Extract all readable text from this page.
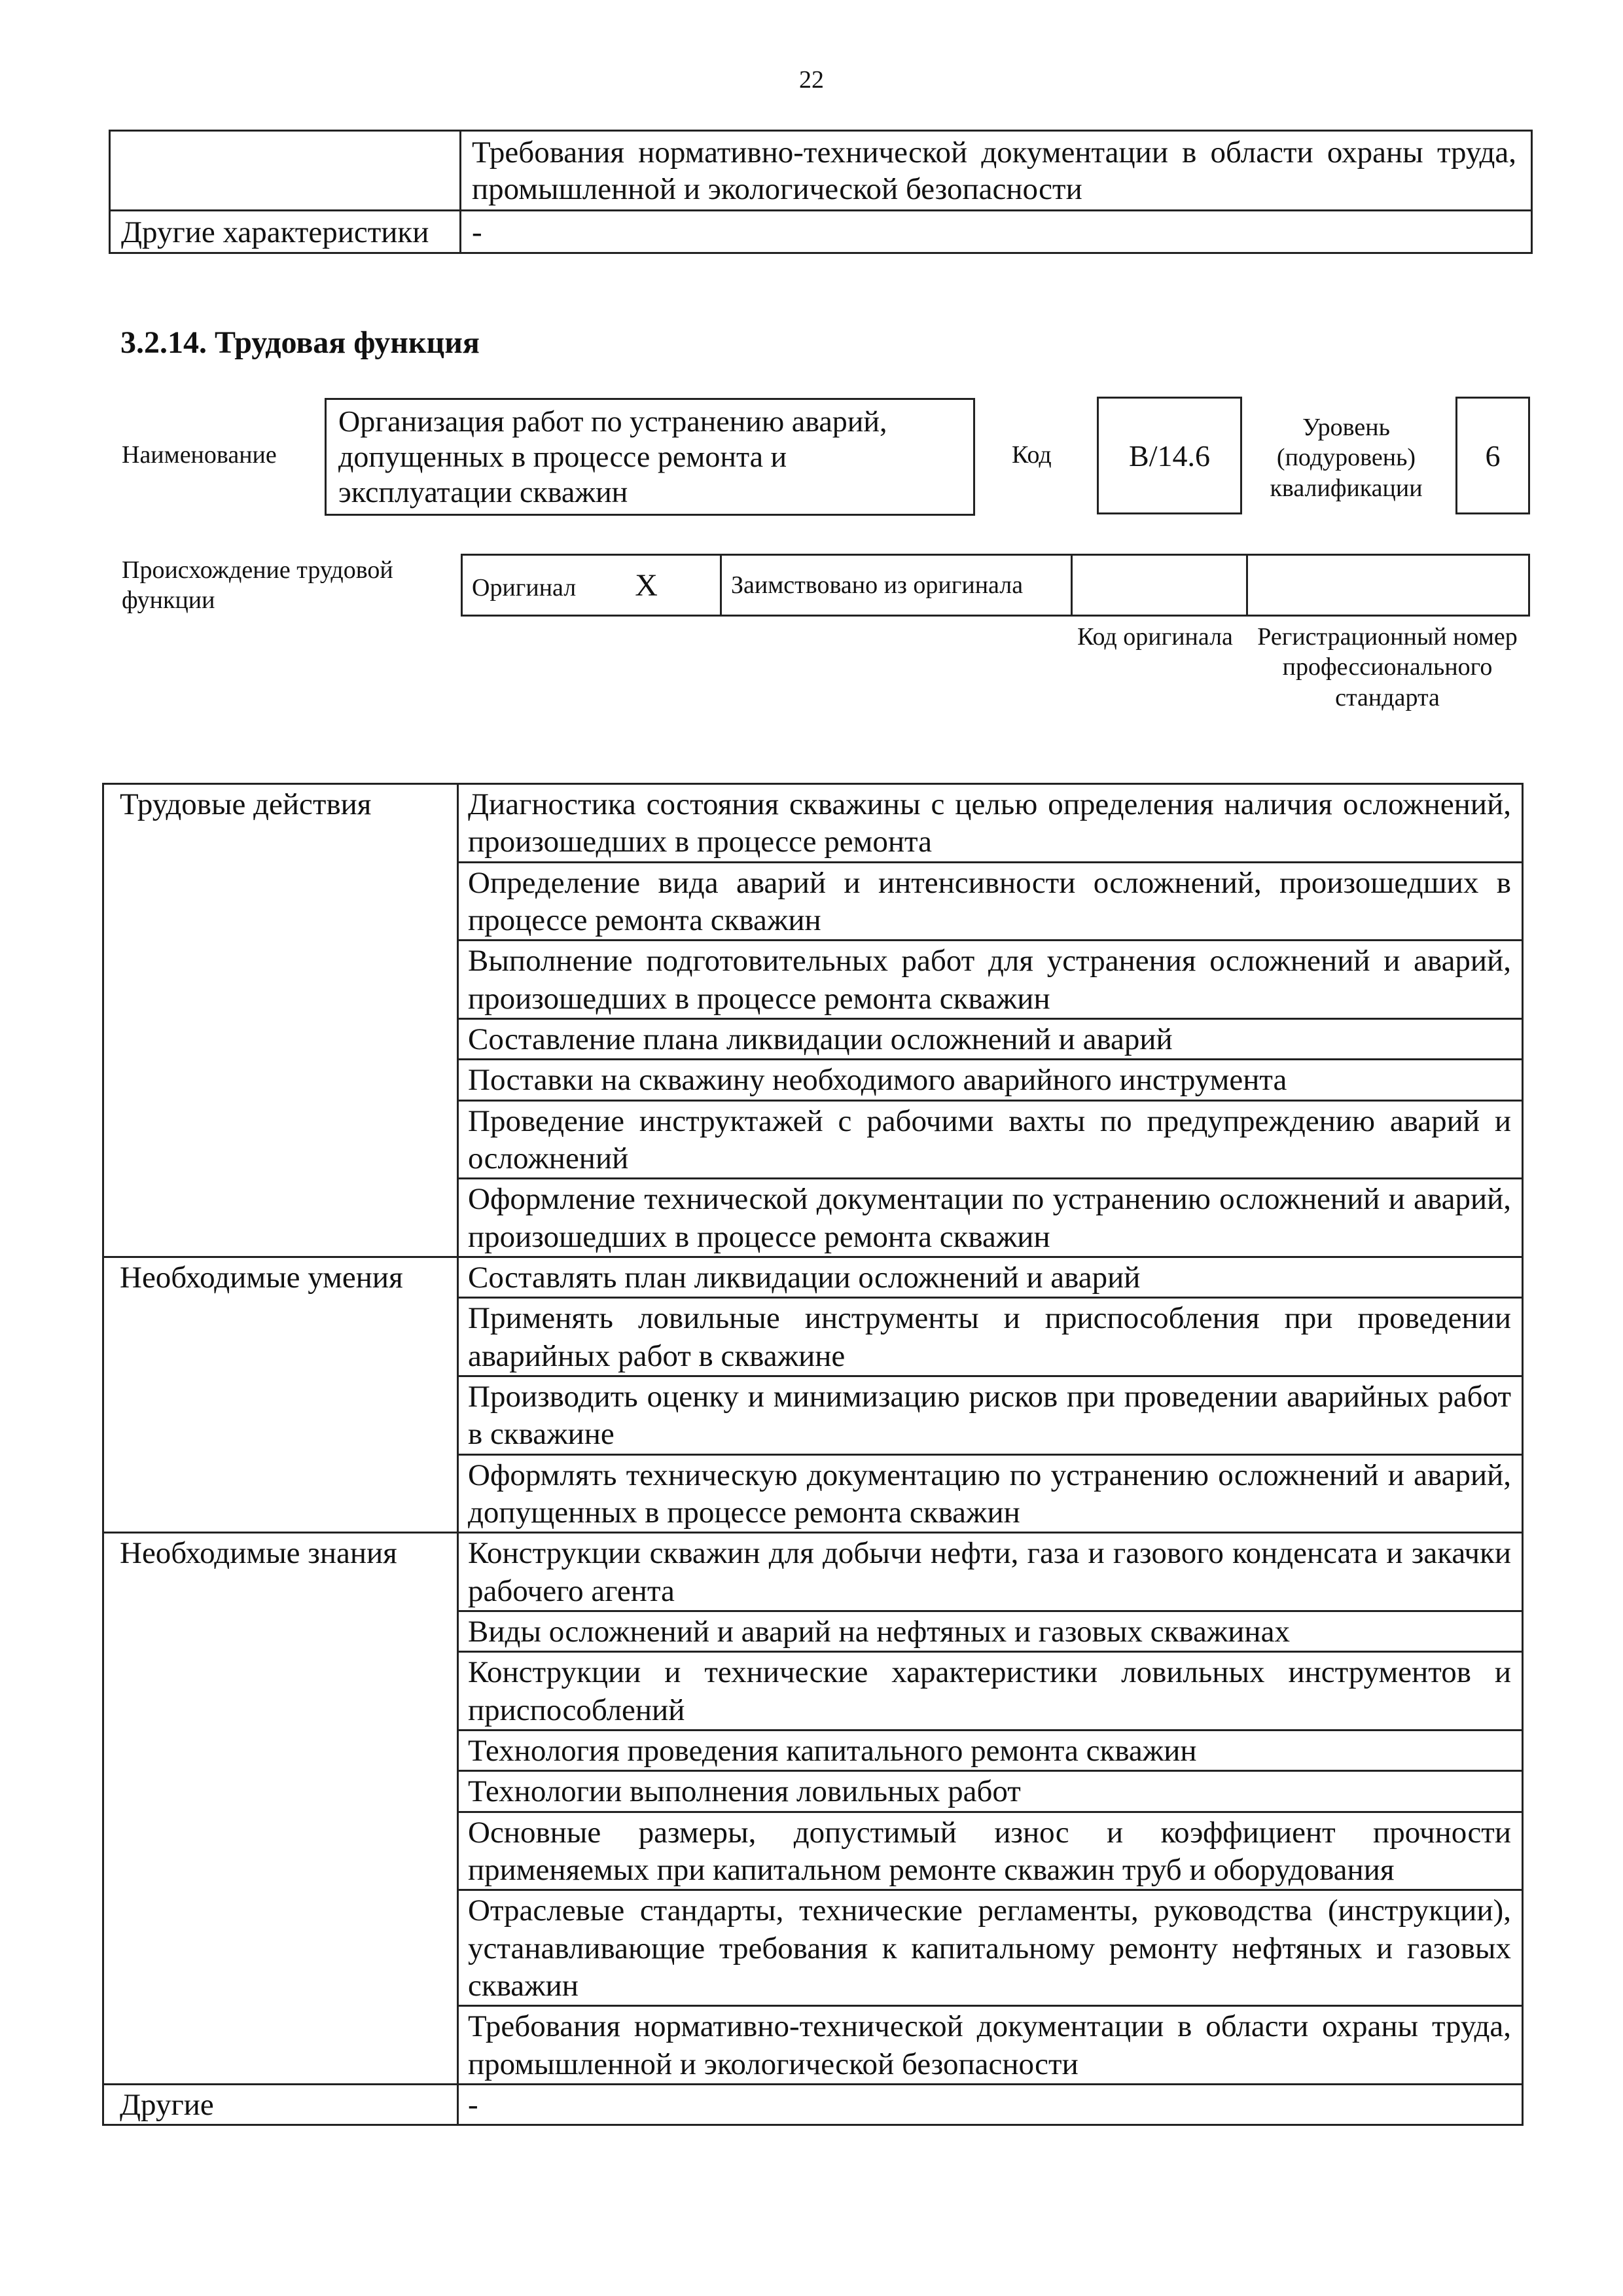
22
	Требования нормативно-технической документации в области охраны труда, промышленной и экологической безопасности
Другие характеристики	-
3.2.14. Трудовая функция
Наименование
Организация работ по устранению аварий, допущенных в процессе ремонта и эксплуатации скважин
Код	B/14.6
Уровень (подуровень) квалификации
6
Происхождение трудовой функции	Оригинал X	Заимствовано из оригинала		
Код оригинала Регистрационный номер профессионального стандарта
Трудовые действия	Диагностика состояния скважины с целью определения наличия осложнений, произошедших в процессе ремонта
	Определение вида аварий и интенсивности осложнений, произошедших в процессе ремонта скважин
	Выполнение подготовительных работ для устранения осложнений и аварий, произошедших в процессе ремонта скважин
	Составление плана ликвидации осложнений и аварий
	Поставки на скважину необходимого аварийного инструмента
	Проведение инструктажей с рабочими вахты по предупреждению аварий и осложнений
	Оформление технической документации по устранению осложнений и аварий, произошедших в процессе ремонта скважин
Необходимые умения	Составлять план ликвидации осложнений и аварий
	Применять ловильные инструменты и приспособления при проведении аварийных работ в скважине
	Производить оценку и минимизацию рисков при проведении аварийных работ в скважине
	Оформлять техническую документацию по устранению осложнений и аварий, допущенных в процессе ремонта скважин
Необходимые знания	Конструкции скважин для добычи нефти, газа и газового конденсата и закачки рабочего агента
	Виды осложнений и аварий на нефтяных и газовых скважинах
	Конструкции и технические характеристики ловильных инструментов и приспособлений
	Технология проведения капитального ремонта скважин
	Технологии выполнения ловильных работ
	Основные размеры, допустимый износ и коэффициент прочности применяемых при капитальном ремонте скважин труб и оборудования
	Отраслевые стандарты, технические регламенты, руководства (инструкции), устанавливающие требования к капитальному ремонту нефтяных и газовых скважин
	Требования нормативно-технической документации в области охраны труда, промышленной и экологической безопасности
Другие	-
